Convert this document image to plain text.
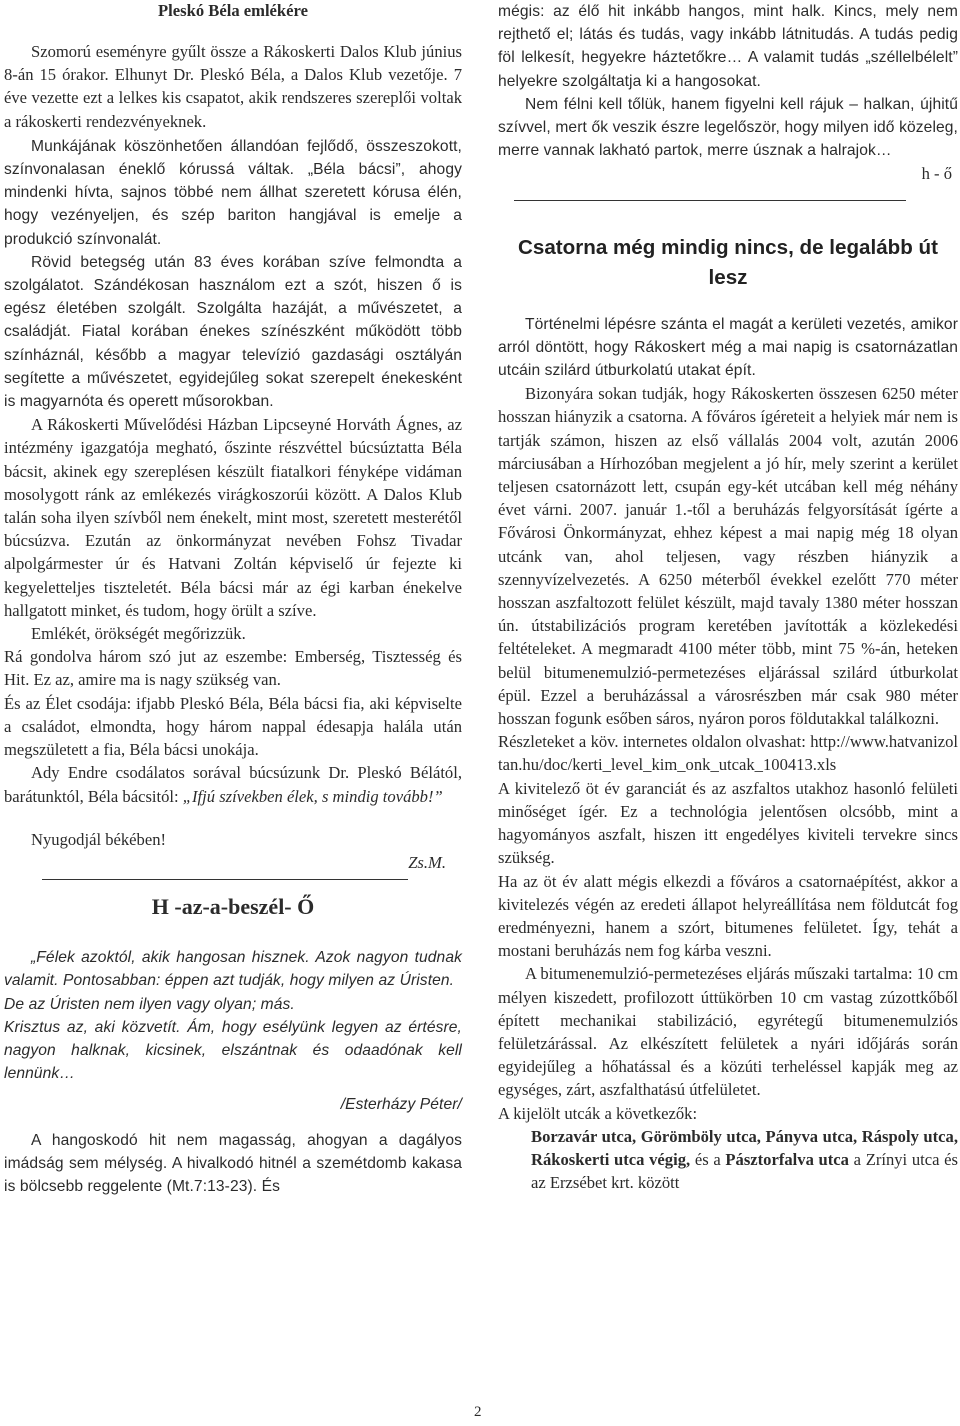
Pleskó Béla emlékére

Szomorú eseményre gyűlt össze a Rákoskerti Dalos Klub június 8-án 15 órakor. Elhunyt Dr. Pleskó Béla, a Dalos Klub vezetője. 7 éve vezette ezt a lelkes kis csapatot, akik rendszeres szereplői voltak a rákoskerti rendezvényeknek.

Munkájának köszönhetően állandóan fejlődő, összeszokott, színvonalasan éneklő kórussá váltak. „Béla bácsi”, ahogy mindenki hívta, sajnos többé nem állhat szeretett kórusa élén, hogy vezényeljen, és szép bariton hangjával is emelje a produkció színvonalát.

Rövid betegség után 83 éves korában szíve felmondta a szolgálatot. Szándékosan használom ezt a szót, hiszen ő is egész életében szolgált. Szolgálta hazáját, a művészetet, a családját. Fiatal korában énekes színészként működött több színháznál, később a magyar televízió gazdasági osztályán segítette a művészetet, egyidejűleg sokat szerepelt énekesként is magyarnóta és operett műsorokban.

A Rákoskerti Művelődési Házban Lipcseyné Horváth Ágnes, az intézmény igazgatója megható, őszinte részvéttel búcsúztatta Béla bácsit, akinek egy szereplésen készült fiatalkori fényképe vidáman mosolygott ránk az emlékezés virágkoszorúi között. A Dalos Klub talán soha ilyen szívből nem énekelt, mint most, szeretett mesterétől búcsúzva. Ezután az önkormányzat nevében Fohsz Tivadar alpolgármester úr és Hatvani Zoltán képviselő úr fejezte ki kegyeletteljes tiszteletét. Béla bácsi már az égi karban énekelve hallgatott minket, és tudom, hogy örült a szíve.

Emlékét, örökségét megőrizzük.

Rá gondolva három szó jut az eszembe: Emberség, Tisztesség és Hit. Ez az, amire ma is nagy szükség van.

És az Élet csodája: ifjabb Pleskó Béla, Béla bácsi fia, aki képviselte a családot, elmondta, hogy három nappal édesapja halála után megszületett a fia, Béla bácsi unokája.

Ady Endre csodálatos sorával búcsúzunk Dr. Pleskó Bélától, barátunktól, Béla bácsitól: „Ifjú szívekben élek, s mindig tovább!”

Nyugodjál békében!

Zs.M.

H -az-a-beszél- Ő

„Félek azoktól, akik hangosan hisznek. Azok nagyon tudnak valamit. Pontosabban: éppen azt tudják, hogy milyen az Úristen.

De az Úristen nem ilyen vagy olyan; más.

Krisztus az, aki közvetít. Ám, hogy esélyünk legyen az értésre, nagyon halknak, kicsinek, elszántnak és odaadónak kell lennünk…

/Esterházy Péter/

A hangoskodó hit nem magasság, ahogyan a dagályos imádság sem mélység. A hivalkodó hitnél a szemétdomb kakasa is bölcsebb reggelente (Mt.7:13-23). És

mégis: az élő hit inkább hangos, mint halk. Kincs, mely nem rejthető el; látás és tudás, vagy inkább látnitudás. A tudás pedig föl lelkesít, hegyekre háztetőkre… A valamit tudás „széllelbélelt” helyekre szolgáltatja ki a hangosokat.

Nem félni kell tőlük, hanem figyelni kell rájuk – halkan, újhitű szívvel, mert ők veszik észre legelőször, hogy milyen idő közeleg, merre vannak lakható partok, merre úsznak a halrajok…

h - ő

Csatorna még mindig nincs, de legalább út lesz

Történelmi lépésre szánta el magát a kerületi vezetés, amikor arról döntött, hogy Rákoskert még a mai napig is csatornázatlan utcáin szilárd útburkolatú utakat épít.

Bizonyára sokan tudják, hogy Rákoskerten összesen 6250 méter hosszan hiányzik a csatorna. A főváros ígéreteit a helyiek már nem is tartják számon, hiszen az első vállalás 2004 volt, azután 2006 márciusában a Hírhozóban megjelent a jó hír, mely szerint a kerület teljesen csatornázott lett, csupán egy-két utcában kell még néhány évet várni. 2007. január 1.-től a beruházás felgyorsítását ígérte a Fővárosi Önkormányzat, ehhez képest a mai napig még 18 olyan utcánk van, ahol teljesen, vagy részben hiányzik a szennyvízelvezetés. A 6250 méterből évekkel ezelőtt 770 méter hosszan aszfaltozott felület készült, majd tavaly 1380 méter hosszan ún. útstabilizációs program keretében javították a közlekedési feltételeket. A megmaradt 4100 méter több, mint 75 %-án, heteken belül bitumenemulzió-permetezéses eljárással szilárd útburkolat épül. Ezzel a beruházással a városrészben már csak 980 méter hosszan fogunk esőben sáros, nyáron poros földutakkal találkozni.

Részleteket a köv. internetes oldalon olvashat: http://www.hatvanizoltan.hu/doc/kerti_level_kim_onk_utcak_100413.xls

A kivitelező öt év garanciát és az aszfaltos utakhoz hasonló felületi minőséget ígér. Ez a technológia jelentősen olcsóbb, mint a hagyományos aszfalt, hiszen itt engedélyes kiviteli tervekre sincs szükség.

Ha az öt év alatt mégis elkezdi a főváros a csatornaépítést, akkor a kivitelezés végén az eredeti állapot helyreállítása nem földutcát fog eredményezni, hanem a szórt, bitumenes felületet. Így, tehát a mostani beruházás nem fog kárba veszni.

A bitumenemulzió-permetezéses eljárás műszaki tartalma: 10 cm mélyen kiszedett, profilozott úttükörben 10 cm vastag zúzottkőből épített mechanikai stabilizáció, egyrétegű bitumenemulziós felületzárással. Az elkészített felületek a nyári időjárás során egyidejűleg a hőhatással és a közúti terheléssel kapják meg az egységes, zárt, aszfalthatású útfelületet.

A kijelölt utcák a következők:

Borzavár utca, Görömböly utca, Pányva utca, Ráspoly utca, Rákoskerti utca végig, és a Pásztorfalva utca a Zrínyi utca és az Erzsébet krt. között

2
